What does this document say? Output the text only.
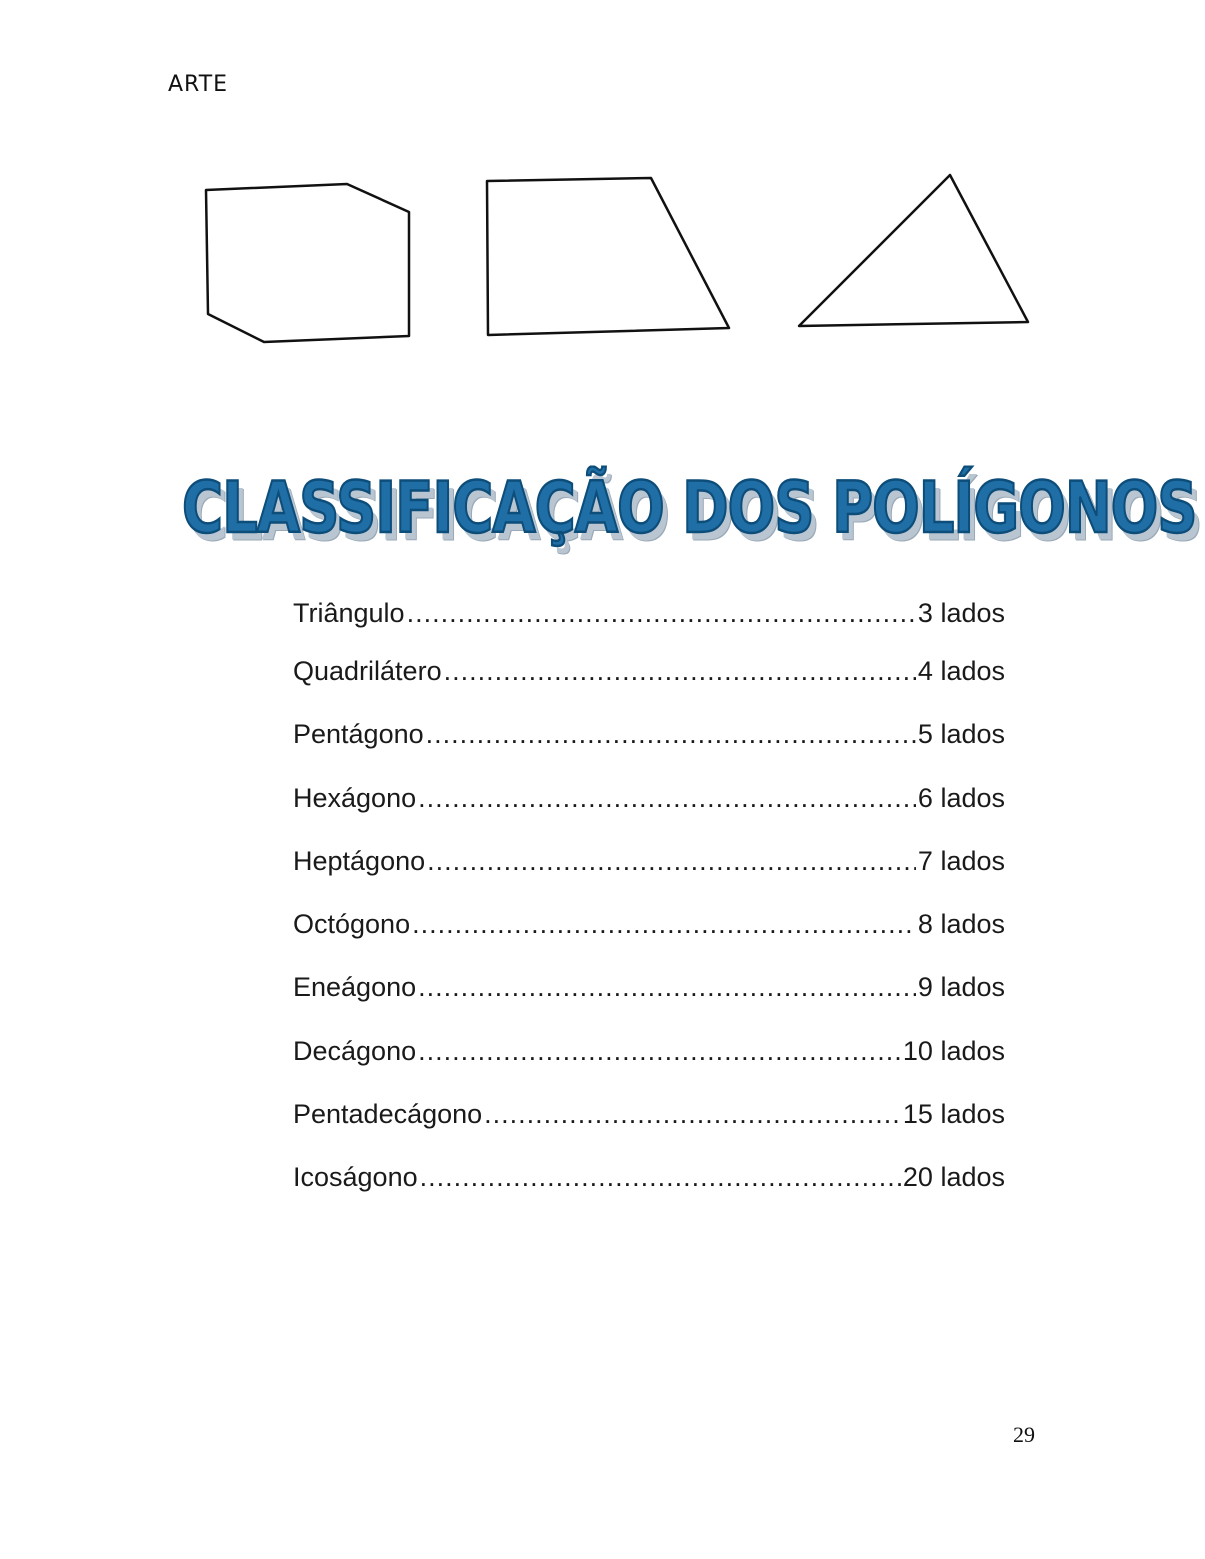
ARTE
CLASSIFICAÇÃO DOS POLÍGONOS
Triângulo .....	3 lados
Quadrilátero .....	4 lados
Pentágono .....	5 lados
Hexágono .....	6 lados
Heptágono .....	7 lados
Octógono .....	8 lados
Eneágono .....	9 lados
Decágono .....	10 lados
Pentadecágono .....	15 lados
Icoságono .....	20 lados
29
